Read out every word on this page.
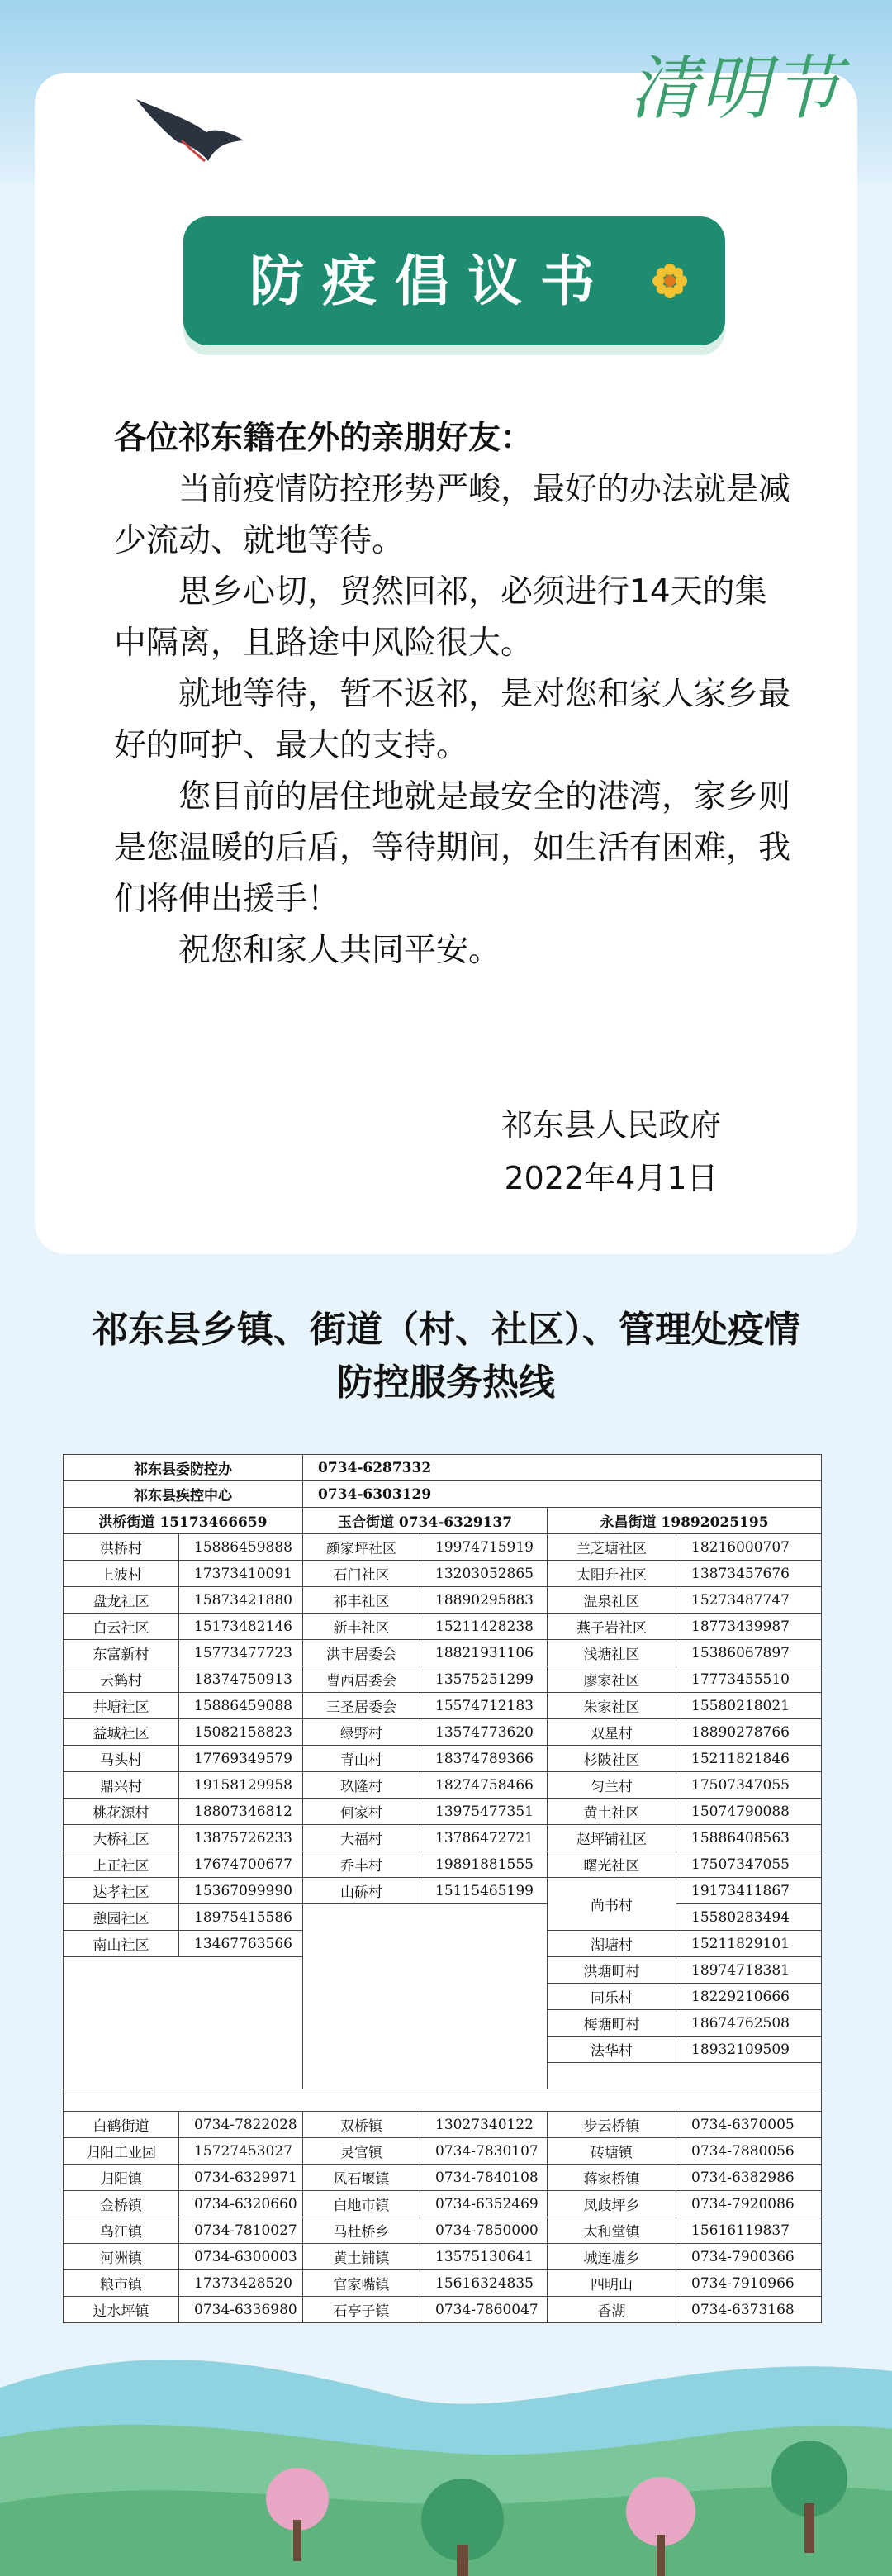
清明节
防疫倡议书

各位祁东籍在外的亲朋好友：

当前疫情防控形势严峻，最好的办法就是减少流动、就地等待。

思乡心切，贸然回祁，必须进行14天的集中隔离，且路途中风险很大。

就地等待，暂不返祁，是对您和家人家乡最好的呵护、最大的支持。

您目前的居住地就是最安全的港湾，家乡则是您温暖的后盾，等待期间，如生活有困难，我们将伸出援手！

祝您和家人共同平安。

祁东县人民政府
2022年4月1日
祁东县乡镇、街道（村、社区）、管理处疫情
防控服务热线
祁东县委防控办		0734-6287332			
祁东县疾控中心		0734-6303129			
洪桥街道 15173466659		玉合街道 0734-6329137		永昌街道 19892025195	
洪桥村	15886459888	颜家坪社区	19974715919	兰芝塘社区	18216000707
上波村	17373410091	石门社区	13203052865	太阳升社区	13873457676
盘龙社区	15873421880	祁丰社区	18890295883	温泉社区	15273487747
白云社区	15173482146	新丰社区	15211428238	燕子岩社区	18773439987
东富新村	15773477723	洪丰居委会	18821931106	浅塘社区	15386067897
云鹤村	18374750913	曹西居委会	13575251299	廖家社区	17773455510
井塘社区	15886459088	三圣居委会	15574712183	朱家社区	15580218021
益城社区	15082158823	绿野村	13574773620	双星村	18890278766
马头村	17769349579	青山村	18374789366	杉陂社区	15211821846
鼎兴村	19158129958	玖隆村	18274758466	匀兰村	17507347055
桃花源村	18807346812	何家村	13975477351	黄土社区	15074790088
大桥社区	13875726233	大福村	13786472721	赵坪铺社区	15886408563
上正社区	17674700677	乔丰村	19891881555	曙光社区	17507347055
达孝社区	15367099990	山硚村	15115465199	尚书村	19173411867
憩园社区	18975415586				15580283494
南山社区	13467763566			湖塘村	15211829101
				洪塘町村	18974718381
				同乐村	18229210666
				梅塘町村	18674762508
				法华村	18932109509

白鹤街道	0734-7822028	双桥镇	13027340122	步云桥镇	0734-6370005
归阳工业园	15727453027	灵官镇	0734-7830107	砖塘镇	0734-7880056
归阳镇	0734-6329971	风石堰镇	0734-7840108	蒋家桥镇	0734-6382986
金桥镇	0734-6320660	白地市镇	0734-6352469	凤歧坪乡	0734-7920086
鸟江镇	0734-7810027	马杜桥乡	0734-7850000	太和堂镇	15616119837
河洲镇	0734-6300003	黄土铺镇	13575130641	城连墟乡	0734-7900366
粮市镇	17373428520	官家嘴镇	15616324835	四明山	0734-7910966
过水坪镇	0734-6336980	石亭子镇	0734-7860047	香湖	0734-6373168
